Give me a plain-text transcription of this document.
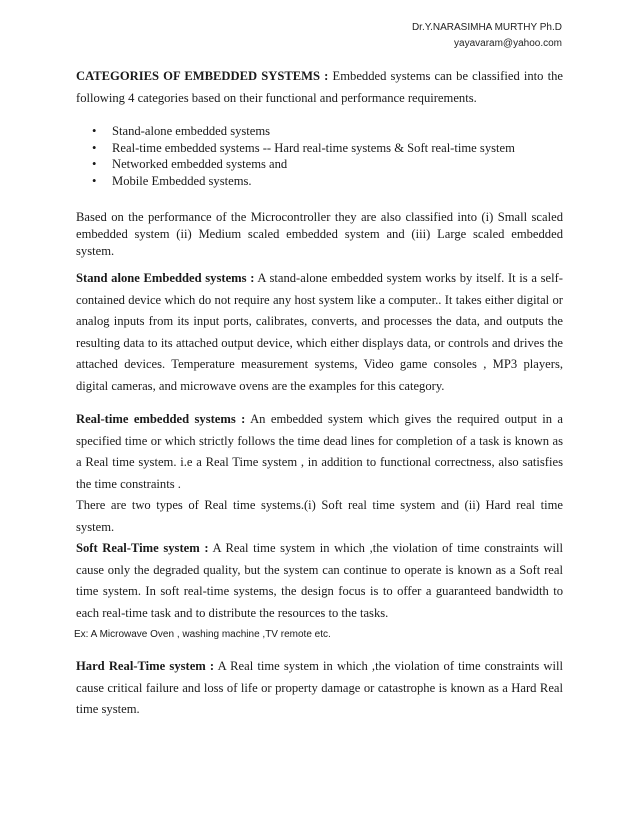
Dr.Y.NARASIMHA MURTHY Ph.D
yayavaram@yahoo.com

CATEGORIES OF EMBEDDED SYSTEMS : Embedded systems can be classified into the following 4 categories based on their functional and performance requirements.

• Stand-alone embedded systems
• Real-time embedded systems -- Hard real-time systems & Soft real-time system
• Networked embedded systems and
• Mobile Embedded systems.

Based on the performance of the Microcontroller they are also classified into (i) Small scaled embedded system (ii) Medium scaled embedded system and (iii) Large scaled embedded system.

Stand alone Embedded systems : A stand-alone embedded system works by itself. It is a self-contained device which do not require any host system like a computer.. It takes either digital or analog inputs from its input ports, calibrates, converts, and processes the data, and outputs the resulting data to its attached output device, which either displays data, or controls and drives the attached devices. Temperature measurement systems, Video game consoles , MP3 players, digital cameras, and microwave ovens are the examples for this category.

Real-time embedded systems : An embedded system which gives the required output in a specified time or which strictly follows the time dead lines for completion of a task is known as a Real time system. i.e a Real Time system , in addition to functional correctness, also satisfies the time constraints .

There are two types of Real time systems.(i) Soft real time system and (ii) Hard real time system.

Soft Real-Time system : A Real time system in which ,the violation of time constraints will cause only the degraded quality, but the system can continue to operate is known as a Soft real time system. In soft real-time systems, the design focus is to offer a guaranteed bandwidth to each real-time task and to distribute the resources to the tasks.

Ex: A Microwave Oven , washing machine ,TV remote etc.

Hard Real-Time system : A Real time system in which ,the violation of time constraints will cause critical failure and loss of life or property damage or catastrophe is known as a Hard Real time system.
